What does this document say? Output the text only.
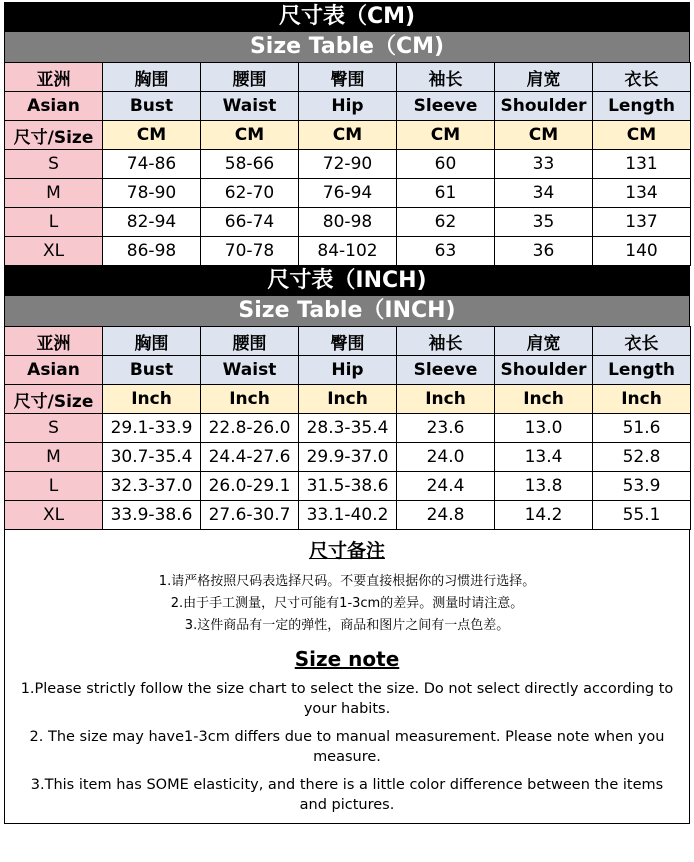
尺寸表（CM)
Size Table（CM)
亚洲	胸围	腰围	臀围	袖长	肩宽	衣长
Asian	Bust	Waist	Hip	Sleeve	Shoulder	Length
尺寸/Size	CM	CM	CM	CM	CM	CM
S	74-86	58-66	72-90	60	33	131
M	78-90	62-70	76-94	61	34	134
L	82-94	66-74	80-98	62	35	137
XL	86-98	70-78	84-102	63	36	140
尺寸表（INCH)
Size Table（INCH)
亚洲	胸围	腰围	臀围	袖长	肩宽	衣长
Asian	Bust	Waist	Hip	Sleeve	Shoulder	Length
尺寸/Size	Inch	Inch	Inch	Inch	Inch	Inch
S	29.1-33.9	22.8-26.0	28.3-35.4	23.6	13.0	51.6
M	30.7-35.4	24.4-27.6	29.9-37.0	24.0	13.4	52.8
L	32.3-37.0	26.0-29.1	31.5-38.6	24.4	13.8	53.9
XL	33.9-38.6	27.6-30.7	33.1-40.2	24.8	14.2	55.1
尺寸备注
1.请严格按照尺码表选择尺码。不要直接根据你的习惯进行选择。
2.由于手工测量，尺寸可能有1-3cm的差异。测量时请注意。
3.这件商品有一定的弹性，商品和图片之间有一点色差。
Size note
1.Please strictly follow the size chart to select the size. Do not select directly according to your habits.
2. The size may have1-3cm differs due to manual measurement. Please note when you measure.
3.This item has SOME elasticity, and there is a little color difference between the items and pictures.
